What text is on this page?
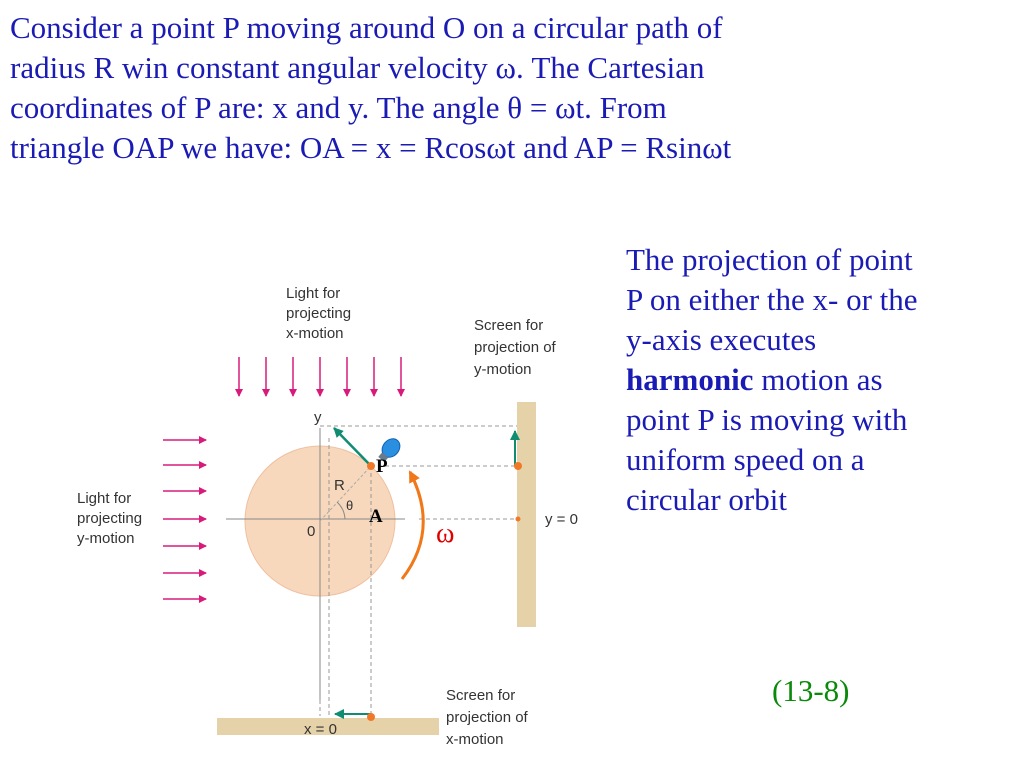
Consider a point P moving around O on a circular path of
radius R win constant angular velocity ω. The Cartesian
coordinates of P are: x and y. The angle θ = ωt. From
triangle OAP we have: OA = x = Rcosωt and AP = Rsinωt
The projection of point
P on either the x- or the
y-axis executes
harmonic motion as
point P is moving with
uniform speed on a
circular orbit
(13-8)
Light for
projecting
x-motion
Light for
projecting
y-motion
Screen for
projection of
y-motion
Screen for
projection of
x-motion
y
0
R
θ
P
A
ω	y = 0
x = 0
